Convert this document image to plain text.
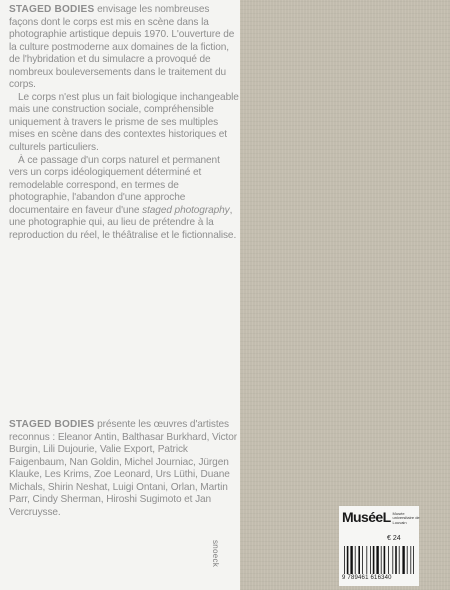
STAGED BODIES envisage les nombreuses façons dont le corps est mis en scène dans la photographie artistique depuis 1970. L'ouverture de la culture postmoderne aux domaines de la fiction, de l'hybridation et du simulacre a provoqué de nombreux bouleversements dans le traitement du corps.

Le corps n'est plus un fait biologique inchangeable mais une construction sociale, compréhensible uniquement à travers le prisme de ses multiples mises en scène dans des contextes historiques et culturels particuliers.

À ce passage d'un corps naturel et permanent vers un corps idéologiquement déterminé et remodelable correspond, en termes de photographie, l'abandon d'une approche documentaire en faveur d'une staged photography, une photographie qui, au lieu de prétendre à la reproduction du réel, le théâtralise et le fictionnalise.

STAGED BODIES présente les œuvres d'artistes reconnus : Eleanor Antin, Balthasar Burkhard, Victor Burgin, Lili Dujourie, Valie Export, Patrick Faigenbaum, Nan Goldin, Michel Journiac, Jürgen Klauke, Les Krims, Zoe Leonard, Urs Lüthi, Duane Michals, Shirin Neshat, Luigi Ontani, Orlan, Martin Parr, Cindy Sherman, Hiroshi Sugimoto et Jan Vercruysse.

snoeck
MuséeL Musée universitaire de Louvain
€ 24
9 789461 616340
